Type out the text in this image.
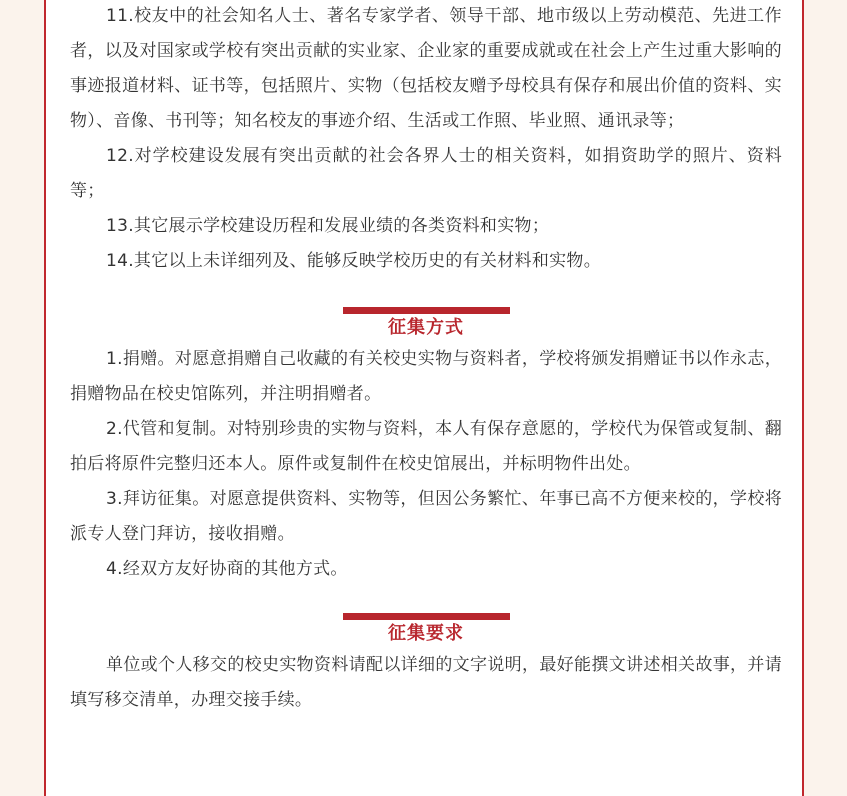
11.校友中的社会知名人士、著名专家学者、领导干部、地市级以上劳动模范、先进工作者，以及对国家或学校有突出贡献的实业家、企业家的重要成就或在社会上产生过重大影响的事迹报道材料、证书等，包括照片、实物（包括校友赠予母校具有保存和展出价值的资料、实物）、音像、书刊等；知名校友的事迹介绍、生活或工作照、毕业照、通讯录等；

12.对学校建设发展有突出贡献的社会各界人士的相关资料，如捐资助学的照片、资料等；

13.其它展示学校建设历程和发展业绩的各类资料和实物；

14.其它以上未详细列及、能够反映学校历史的有关材料和实物。

征集方式

1.捐赠。对愿意捐赠自己收藏的有关校史实物与资料者，学校将颁发捐赠证书以作永志，捐赠物品在校史馆陈列，并注明捐赠者。

2.代管和复制。对特别珍贵的实物与资料，本人有保存意愿的，学校代为保管或复制、翻拍后将原件完整归还本人。原件或复制件在校史馆展出，并标明物件出处。

3.拜访征集。对愿意提供资料、实物等，但因公务繁忙、年事已高不方便来校的，学校将派专人登门拜访，接收捐赠。

4.经双方友好协商的其他方式。

征集要求

单位或个人移交的校史实物资料请配以详细的文字说明，最好能撰文讲述相关故事，并请填写移交清单，办理交接手续。
